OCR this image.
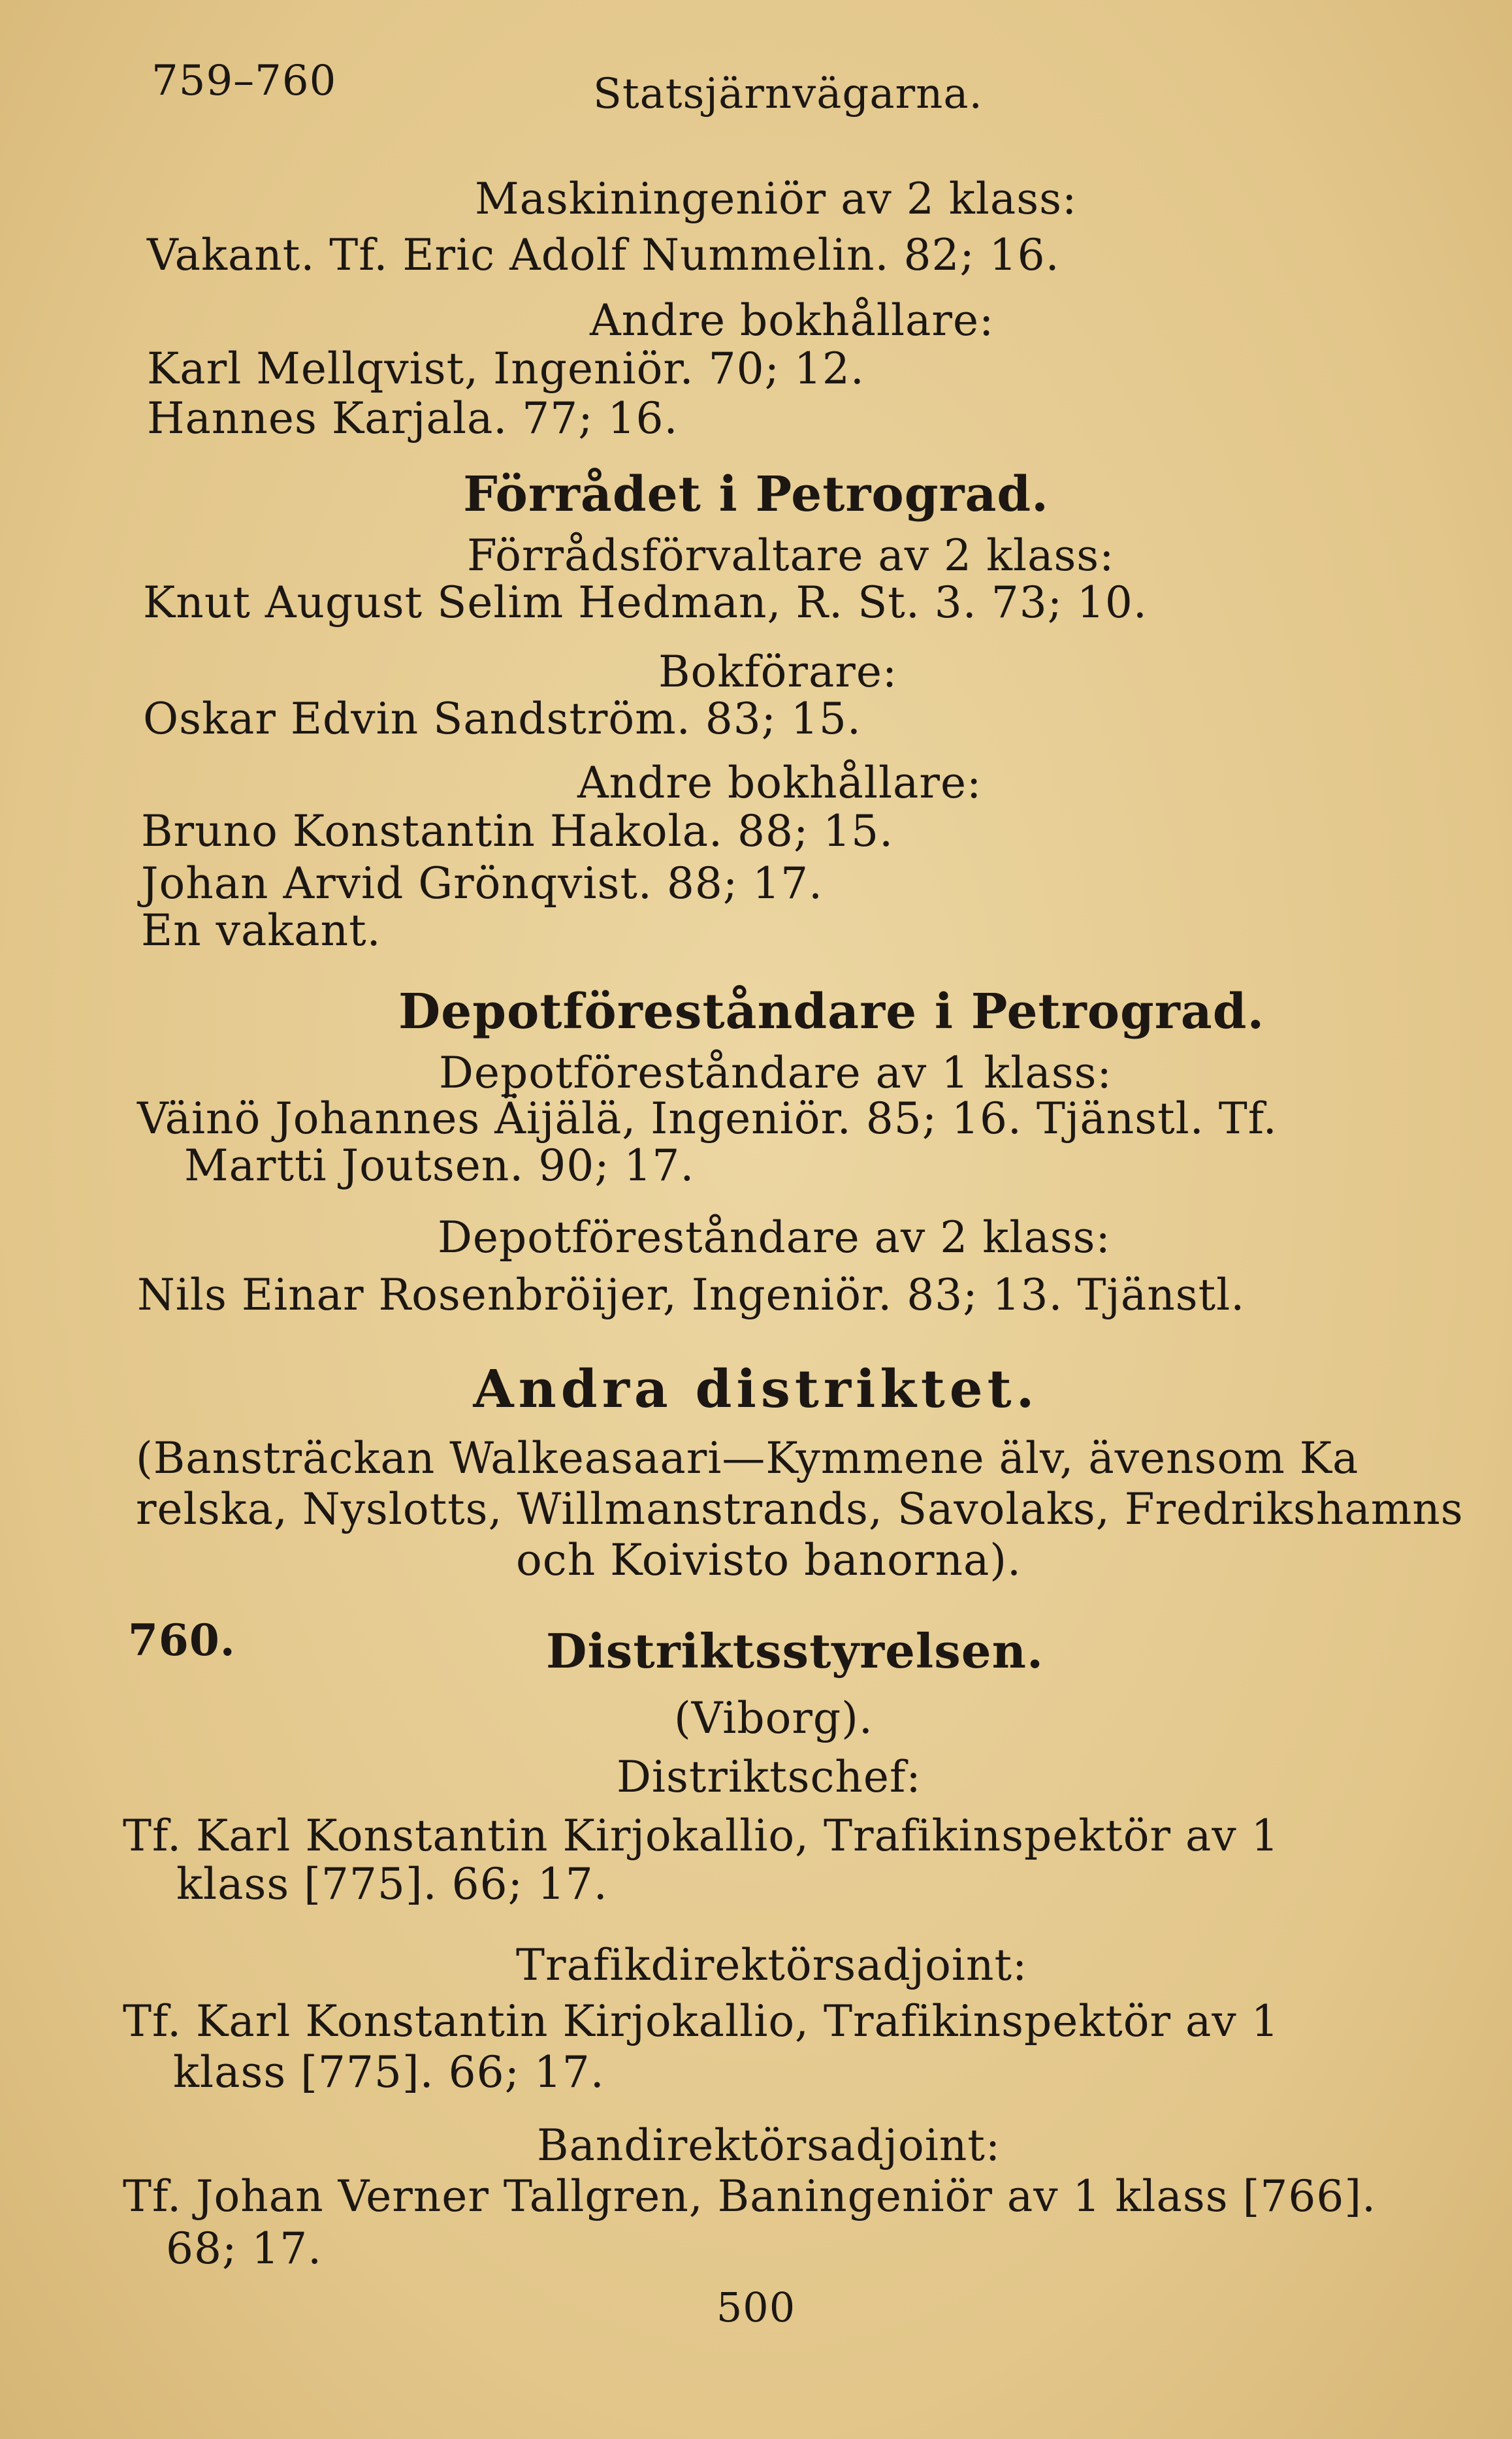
759–760	Statsjärnvägarna.
Maskiningeniör av 2 klass:
Vakant. Tf. Eric Adolf Nummelin. 82; 16.
Andre bokhållare:
Karl Mellqvist, Ingeniör. 70; 12.
Hannes Karjala. 77; 16.
Förrådet i Petrograd.
Förrådsförvaltare av 2 klass:
Knut August Selim Hedman, R. St. 3. 73; 10.
Bokförare:
Oskar Edvin Sandström. 83; 15.
Andre bokhållare:
Bruno Konstantin Hakola. 88; 15.
Johan Arvid Grönqvist. 88; 17.
En vakant.
Depotföreståndare i Petrograd.
Depotföreståndare av 1 klass:
Väinö Johannes Äijälä, Ingeniör. 85; 16. Tjänstl. Tf.
Martti Joutsen. 90; 17.
Depotföreståndare av 2 klass:
Nils Einar Rosenbröijer, Ingeniör. 83; 13. Tjänstl.
Andra distriktet.
(Bansträckan Walkeasaari—Kymmene älv, ävensom Ka
relska, Nyslotts, Willmanstrands, Savolaks, Fredrikshamns
och Koivisto banorna).
760.	Distriktsstyrelsen.
(Viborg).
Distriktschef:
Tf. Karl Konstantin Kirjokallio, Trafikinspektör av 1
klass [775]. 66; 17.
Trafikdirektörsadjoint:
Tf. Karl Konstantin Kirjokallio, Trafikinspektör av 1
klass [775]. 66; 17.
Bandirektörsadjoint:
Tf. Johan Verner Tallgren, Baningeniör av 1 klass [766].
68; 17.
500
